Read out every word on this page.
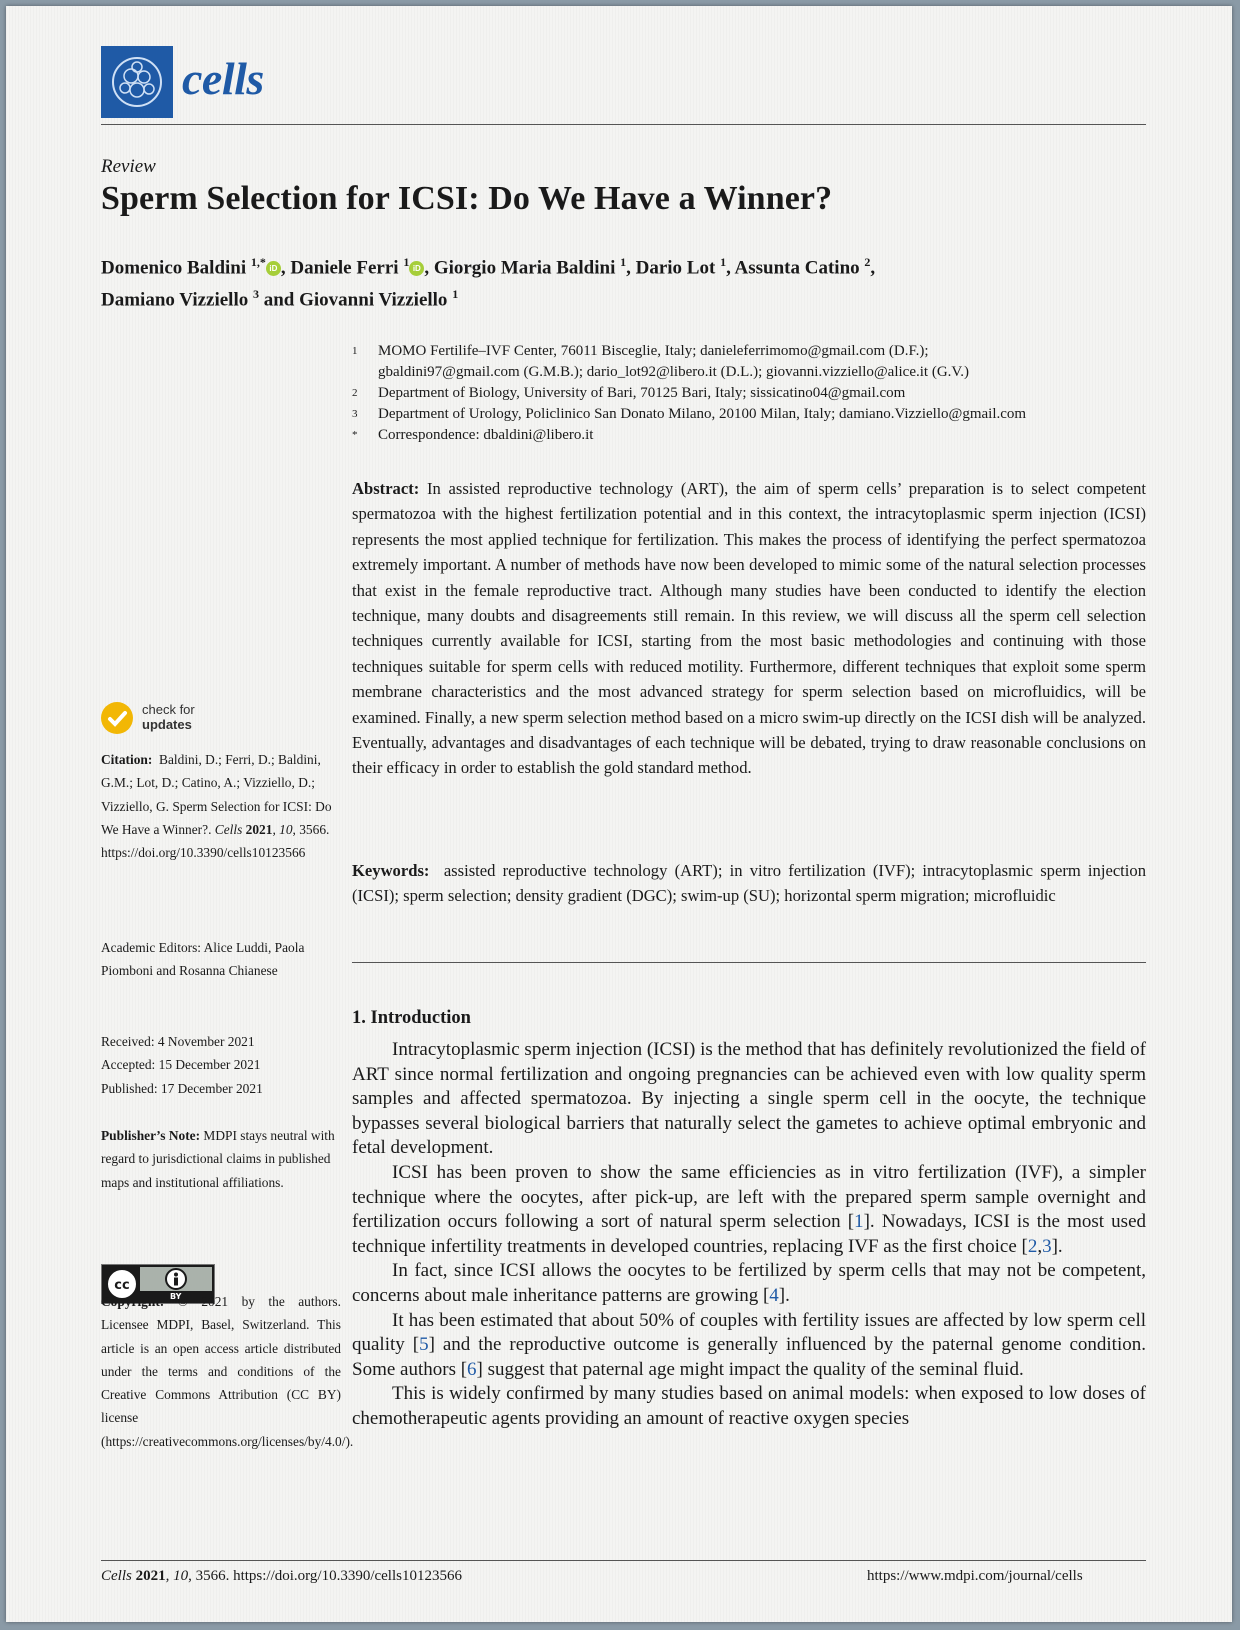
cells
Review
Sperm Selection for ICSI: Do We Have a Winner?
Domenico Baldini $^{1,*}$ iD , Daniele Ferri $^1$ iD , Giorgio Maria Baldini $^1$, Dario Lot $^1$, Assunta Catino $^2$,
Damiano Vizziello $^3$ and Giovanni Vizziello $^1$
1	MOMO Fertilife–IVF Center, 76011 Bisceglie, Italy; danieleferrimomo@gmail.com (D.F.);
gbaldini97@gmail.com (G.M.B.); dario_lot92@libero.it (D.L.); giovanni.vizziello@alice.it (G.V.)
2	Department of Biology, University of Bari, 70125 Bari, Italy; sissicatino04@gmail.com
3	Department of Urology, Policlinico San Donato Milano, 20100 Milan, Italy; damiano.Vizziello@gmail.com
*	Correspondence: dbaldini@libero.it
Abstract: In assisted reproductive technology (ART), the aim of sperm cells’ preparation is to select competent spermatozoa with the highest fertilization potential and in this context, the intracytoplasmic sperm injection (ICSI) represents the most applied technique for fertilization. This makes the process of identifying the perfect spermatozoa extremely important. A number of methods have now been developed to mimic some of the natural selection processes that exist in the female reproductive tract. Although many studies have been conducted to identify the election technique, many doubts and disagreements still remain. In this review, we will discuss all the sperm cell selection techniques currently available for ICSI, starting from the most basic methodologies and continuing with those techniques suitable for sperm cells with reduced motility. Furthermore, different techniques that exploit some sperm membrane characteristics and the most advanced strategy for sperm selection based on microfluidics, will be examined. Finally, a new sperm selection method based on a micro swim-up directly on the ICSI dish will be analyzed. Eventually, advantages and disadvantages of each technique will be debated, trying to draw reasonable conclusions on their efficacy in order to establish the gold standard method.
Keywords: assisted reproductive technology (ART); in vitro fertilization (IVF); intracytoplasmic sperm injection (ICSI); sperm selection; density gradient (DGC); swim-up (SU); horizontal sperm migration; microfluidic
1. Introduction

Intracytoplasmic sperm injection (ICSI) is the method that has definitely revolutionized the field of ART since normal fertilization and ongoing pregnancies can be achieved even with low quality sperm samples and affected spermatozoa. By injecting a single sperm cell in the oocyte, the technique bypasses several biological barriers that naturally select the gametes to achieve optimal embryonic and fetal development.

ICSI has been proven to show the same efficiencies as in vitro fertilization (IVF), a simpler technique where the oocytes, after pick-up, are left with the prepared sperm sample overnight and fertilization occurs following a sort of natural sperm selection [1]. Nowadays, ICSI is the most used technique infertility treatments in developed countries, replacing IVF as the first choice [2,3].

In fact, since ICSI allows the oocytes to be fertilized by sperm cells that may not be competent, concerns about male inheritance patterns are growing [4].

It has been estimated that about 50% of couples with fertility issues are affected by low sperm cell quality [5] and the reproductive outcome is generally influenced by the paternal genome condition. Some authors [6] suggest that paternal age might impact the quality of the seminal fluid.

This is widely confirmed by many studies based on animal models: when exposed to low doses of chemotherapeutic agents providing an amount of reactive oxygen species

check for
updates
Citation: Baldini, D.; Ferri, D.; Baldini, G.M.; Lot, D.; Catino, A.; Vizziello, D.; Vizziello, G. Sperm Selection for ICSI: Do We Have a Winner?. Cells 2021, 10, 3566. https://doi.org/10.3390/cells10123566
Academic Editors: Alice Luddi, Paola Piomboni and Rosanna Chianese
Received: 4 November 2021
Accepted: 15 December 2021
Published: 17 December 2021
Publisher’s Note: MDPI stays neutral with regard to jurisdictional claims in published maps and institutional affiliations.
cc
BY
Copyright: © 2021 by the authors. Licensee MDPI, Basel, Switzerland. This article is an open access article distributed under the terms and conditions of the Creative Commons Attribution (CC BY) license (https://creativecommons.org/licenses/by/4.0/).
Cells 2021, 10, 3566. https://doi.org/10.3390/cells10123566	https://www.mdpi.com/journal/cells
